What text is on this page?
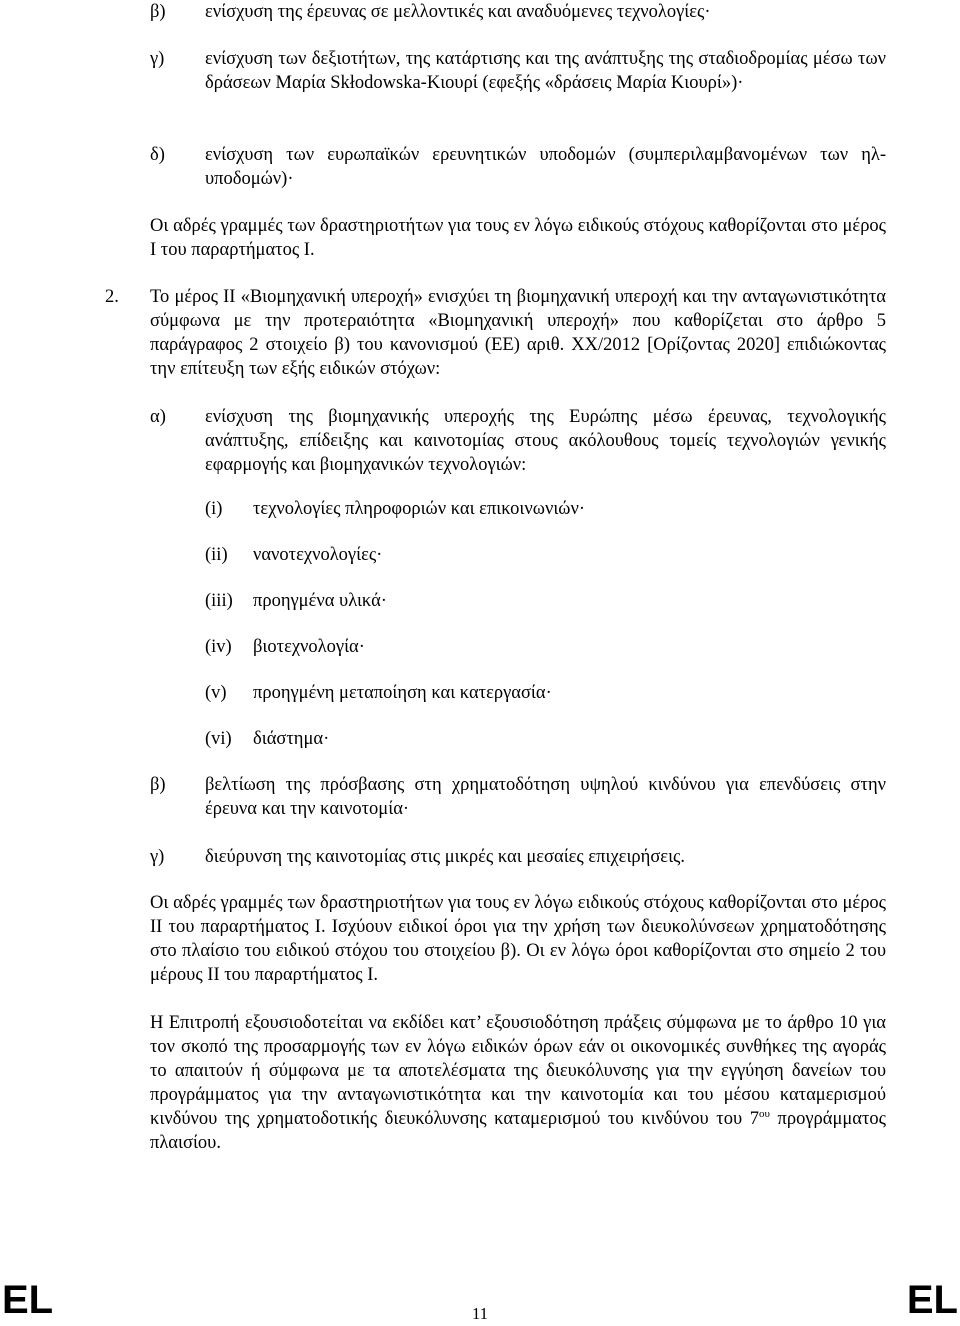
β) ενίσχυση της έρευνας σε μελλοντικές και αναδυόμενες τεχνολογίες·
γ) ενίσχυση των δεξιοτήτων, της κατάρτισης και της ανάπτυξης της σταδιοδρομίας μέσω των δράσεων Μαρία Skłodowska-Κιουρί (εφεξής «δράσεις Μαρία Κιουρί»)·
δ) ενίσχυση των ευρωπαϊκών ερευνητικών υποδομών (συμπεριλαμβανομένων των ηλ-υποδομών)·
Οι αδρές γραμμές των δραστηριοτήτων για τους εν λόγω ειδικούς στόχους καθορίζονται στο μέρος I του παραρτήματος I.
2. Το μέρος II «Βιομηχανική υπεροχή» ενισχύει τη βιομηχανική υπεροχή και την ανταγωνιστικότητα σύμφωνα με την προτεραιότητα «Βιομηχανική υπεροχή» που καθορίζεται στο άρθρο 5 παράγραφος 2 στοιχείο β) του κανονισμού (ΕΕ) αριθ. XX/2012 [Ορίζοντας 2020] επιδιώκοντας την επίτευξη των εξής ειδικών στόχων:
α) ενίσχυση της βιομηχανικής υπεροχής της Ευρώπης μέσω έρευνας, τεχνολογικής ανάπτυξης, επίδειξης και καινοτομίας στους ακόλουθους τομείς τεχνολογιών γενικής εφαρμογής και βιομηχανικών τεχνολογιών:
(i) τεχνολογίες πληροφοριών και επικοινωνιών·
(ii) νανοτεχνολογίες·
(iii) προηγμένα υλικά·
(iv) βιοτεχνολογία·
(v) προηγμένη μεταποίηση και κατεργασία·
(vi) διάστημα·
β) βελτίωση της πρόσβασης στη χρηματοδότηση υψηλού κινδύνου για επενδύσεις στην έρευνα και την καινοτομία·
γ) διεύρυνση της καινοτομίας στις μικρές και μεσαίες επιχειρήσεις.
Οι αδρές γραμμές των δραστηριοτήτων για τους εν λόγω ειδικούς στόχους καθορίζονται στο μέρος II του παραρτήματος I. Ισχύουν ειδικοί όροι για την χρήση των διευκολύνσεων χρηματοδότησης στο πλαίσιο του ειδικού στόχου του στοιχείου β). Οι εν λόγω όροι καθορίζονται στο σημείο 2 του μέρους II του παραρτήματος I.
Η Επιτροπή εξουσιοδοτείται να εκδίδει κατ’ εξουσιοδότηση πράξεις σύμφωνα με το άρθρο 10 για τον σκοπό της προσαρμογής των εν λόγω ειδικών όρων εάν οι οικονομικές συνθήκες της αγοράς το απαιτούν ή σύμφωνα με τα αποτελέσματα της διευκόλυνσης για την εγγύηση δανείων του προγράμματος για την ανταγωνιστικότητα και την καινοτομία και του μέσου καταμερισμού κινδύνου της χρηματοδοτικής διευκόλυνσης καταμερισμού του κινδύνου του $7^{o\upsilon}$ προγράμματος πλαισίου.
EL	11	EL
